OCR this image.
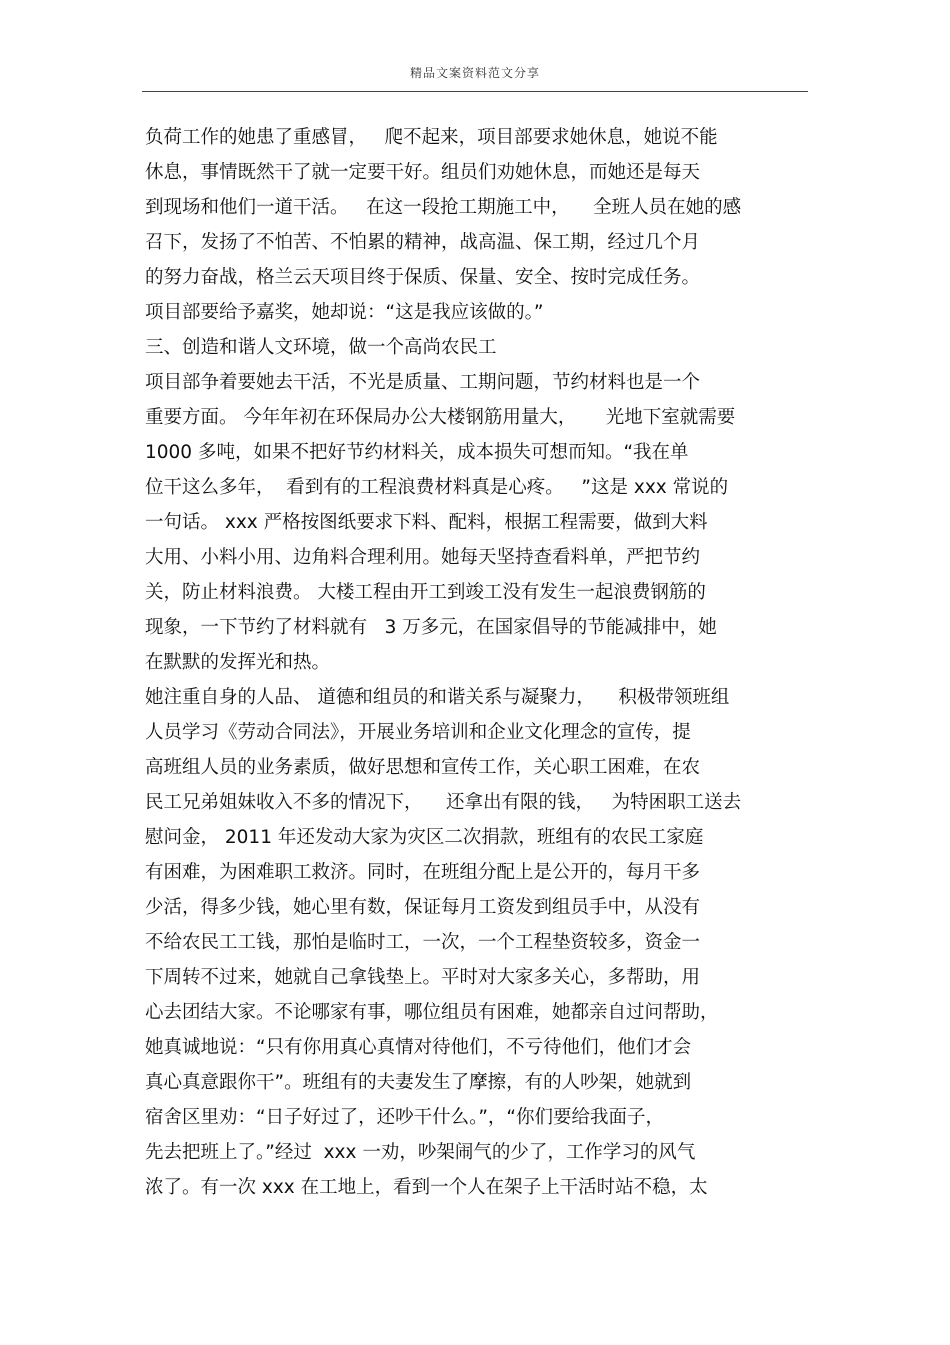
精品文案资料范文分享
负荷工作的她患了重感冒，   爬不起来，项目部要求她休息，她说不能
休息，事情既然干了就一定要干好。组员们劝她休息，而她还是每天
到现场和他们一道干活。   在这一段抢工期施工中，    全班人员在她的感
召下，发扬了不怕苦、不怕累的精神，战高温、保工期，经过几个月
的努力奋战，格兰云天项目终于保质、保量、安全、按时完成任务。
项目部要给予嘉奖，她却说：“这是我应该做的。”
三、创造和谐人文环境，做一个高尚农民工
项目部争着要她去干活，不光是质量、工期问题，节约材料也是一个
重要方面。 今年年初在环保局办公大楼钢筋用量大，     光地下室就需要
1000 多吨，如果不把好节约材料关，成本损失可想而知。“我在单
位干这么多年，  看到有的工程浪费材料真是心疼。   ”这是 xxx 常说的
一句话。 xxx 严格按图纸要求下料、配料，根据工程需要，做到大料
大用、小料小用、边角料合理利用。她每天坚持查看料单，严把节约
关，防止材料浪费。 大楼工程由开工到竣工没有发生一起浪费钢筋的
现象，一下节约了材料就有   3 万多元，在国家倡导的节能减排中，她
在默默的发挥光和热。
她注重自身的人品、 道德和组员的和谐关系与凝聚力，    积极带领班组
人员学习《劳动合同法》，开展业务培训和企业文化理念的宣传，提
高班组人员的业务素质，做好思想和宣传工作，关心职工困难，在农
民工兄弟姐妹收入不多的情况下，    还拿出有限的钱，   为特困职工送去
慰问金， 2011 年还发动大家为灾区二次捐款，班组有的农民工家庭
有困难，为困难职工救济。同时，在班组分配上是公开的，每月干多
少活，得多少钱，她心里有数，保证每月工资发到组员手中，从没有
不给农民工工钱，那怕是临时工，一次，一个工程垫资较多，资金一
下周转不过来，她就自己拿钱垫上。平时对大家多关心，多帮助，用
心去团结大家。不论哪家有事，哪位组员有困难，她都亲自过问帮助，
她真诚地说：“只有你用真心真情对待他们，不亏待他们，他们才会
真心真意跟你干”。班组有的夫妻发生了摩擦，有的人吵架，她就到
宿舍区里劝：“日子好过了，还吵干什么。”，“你们要给我面子，
先去把班上了。”经过  xxx 一劝，吵架闹气的少了，工作学习的风气
浓了。有一次 xxx 在工地上，看到一个人在架子上干活时站不稳，太
